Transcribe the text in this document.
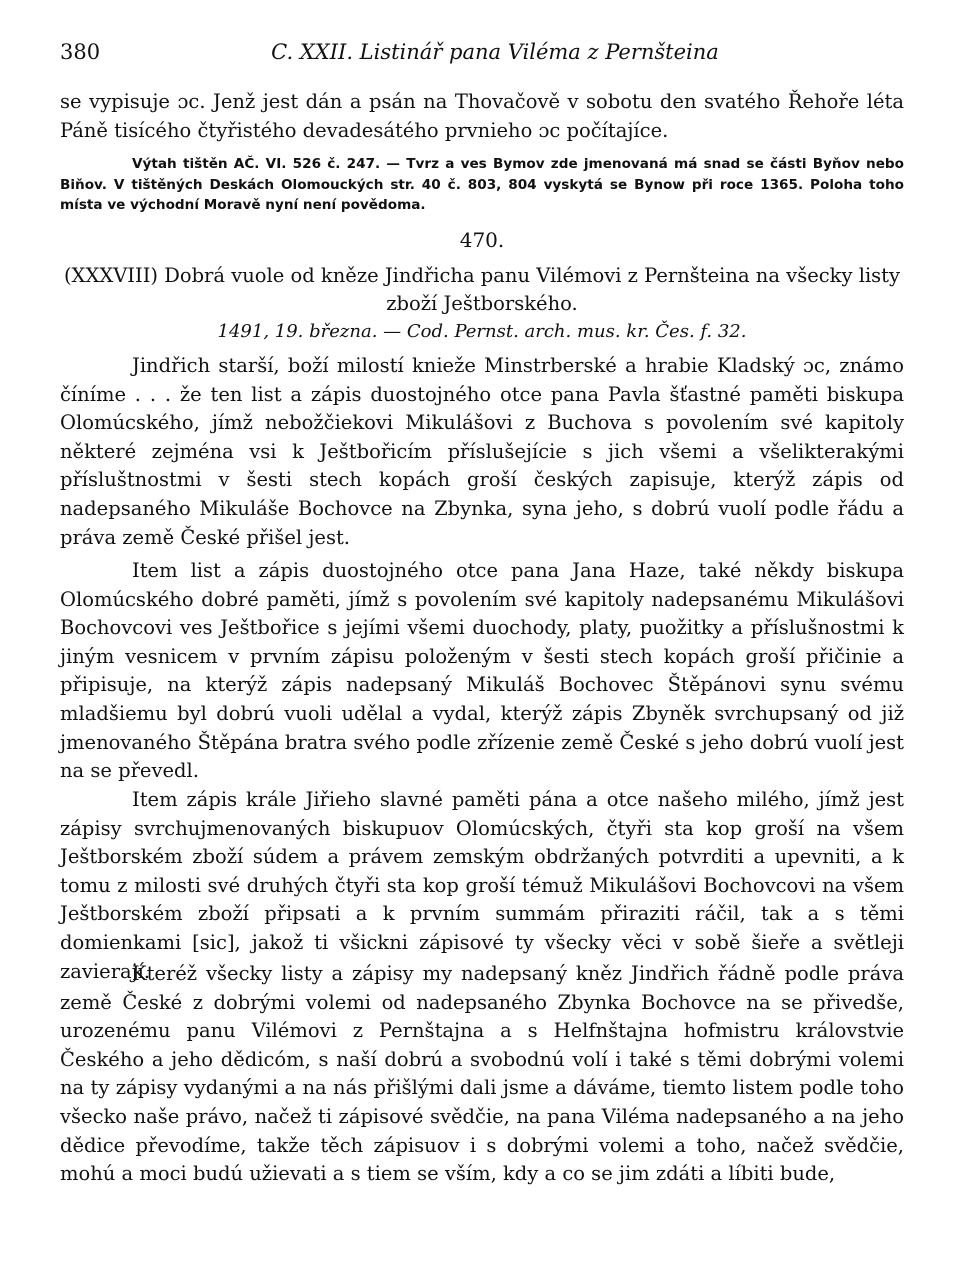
380	C. XXII. Listinář pana Viléma z Pernšteina

se vypisuje ɔc. Jenž jest dán a psán na Thovačově v sobotu den svatého Řehoře léta Páně tisícého čtyřistého devadesátého prvnieho ɔc počítajíce.

Výtah tištěn AČ. VI. 526 č. 247. — Tvrz a ves Bymov zde jmenovaná má snad se části Byňov nebo Biňov. V tištěných Deskách Olomouckých str. 40 č. 803, 804 vyskytá se Bynow při roce 1365. Poloha toho místa ve východní Moravě nyní není povědoma.

470.

(XXXVIII) Dobrá vuole od kněze Jindřicha panu Vilémovi z Pernšteina na všecky listy zboží Ještborského.

1491, 19. března. — Cod. Pernst. arch. mus. kr. Čes. f. 32.

Jindřich starší, boží milostí knieže Minstrberské a hrabie Kladský ɔc, známo číníme . . . že ten list a zápis duostojného otce pana Pavla šťastné paměti biskupa Olomúcského, jímž nebožčiekovi Mikulášovi z Buchova s povolením své kapitoly některé zejména vsi k Ještbořicím příslušejície s jich všemi a všelikterakými přísluštnostmi v šesti stech kopách groší českých zapisuje, kterýž zápis od nadepsaného Mikuláše Bochovce na Zbynka, syna jeho, s dobrú vuolí podle řádu a práva země České přišel jest.

Item list a zápis duostojného otce pana Jana Haze, také někdy biskupa Olomúcského dobré paměti, jímž s povolením své kapitoly nadepsanému Mikulášovi Bochovcovi ves Ještbořice s jejími všemi duochody, platy, puožitky a příslušnostmi k jiným vesnicem v prvním zápisu položeným v šesti stech kopách groší přičinie a připisuje, na kterýž zápis nadepsaný Mikuláš Bochovec Štěpánovi synu svému mladšiemu byl dobrú vuoli udělal a vydal, kterýž zápis Zbyněk svrchupsaný od již jmenovaného Štěpána bratra svého podle zřízenie země České s jeho dobrú vuolí jest na se převedl.

Item zápis krále Jiřieho slavné paměti pána a otce našeho milého, jímž jest zápisy svrchujmenovaných biskupuov Olomúcských, čtyři sta kop groší na všem Ještborském zboží súdem a právem zemským obdržaných potvrditi a upevniti, a k tomu z milosti své druhých čtyři sta kop groší témuž Mikulášovi Bochovcovi na všem Ještborském zboží připsati a k prvním summám přiraziti ráčil, tak a s těmi domienkami [sic], jakož ti všickni zápisové ty všecky věci v sobě šieře a světleji zavierají.

Kteréž všecky listy a zápisy my nadepsaný kněz Jindřich řádně podle práva země České z dobrými volemi od nadepsaného Zbynka Bochovce na se přivedše, urozenému panu Vilémovi z Pernštajna a s Helfnštajna hofmistru královstvie Českého a jeho dědicóm, s naší dobrú a svobodnú volí i také s těmi dobrými volemi na ty zápisy vydanými a na nás přišlými dali jsme a dáváme, tiemto listem podle toho všecko naše právo, načež ti zápisové svědčie, na pana Viléma nadepsaného a na jeho dědice převodíme, takže těch zápisuov i s dobrými volemi a toho, načež svědčie, mohú a moci budú užievati a s tiem se vším, kdy a co se jim zdáti a líbiti bude,
